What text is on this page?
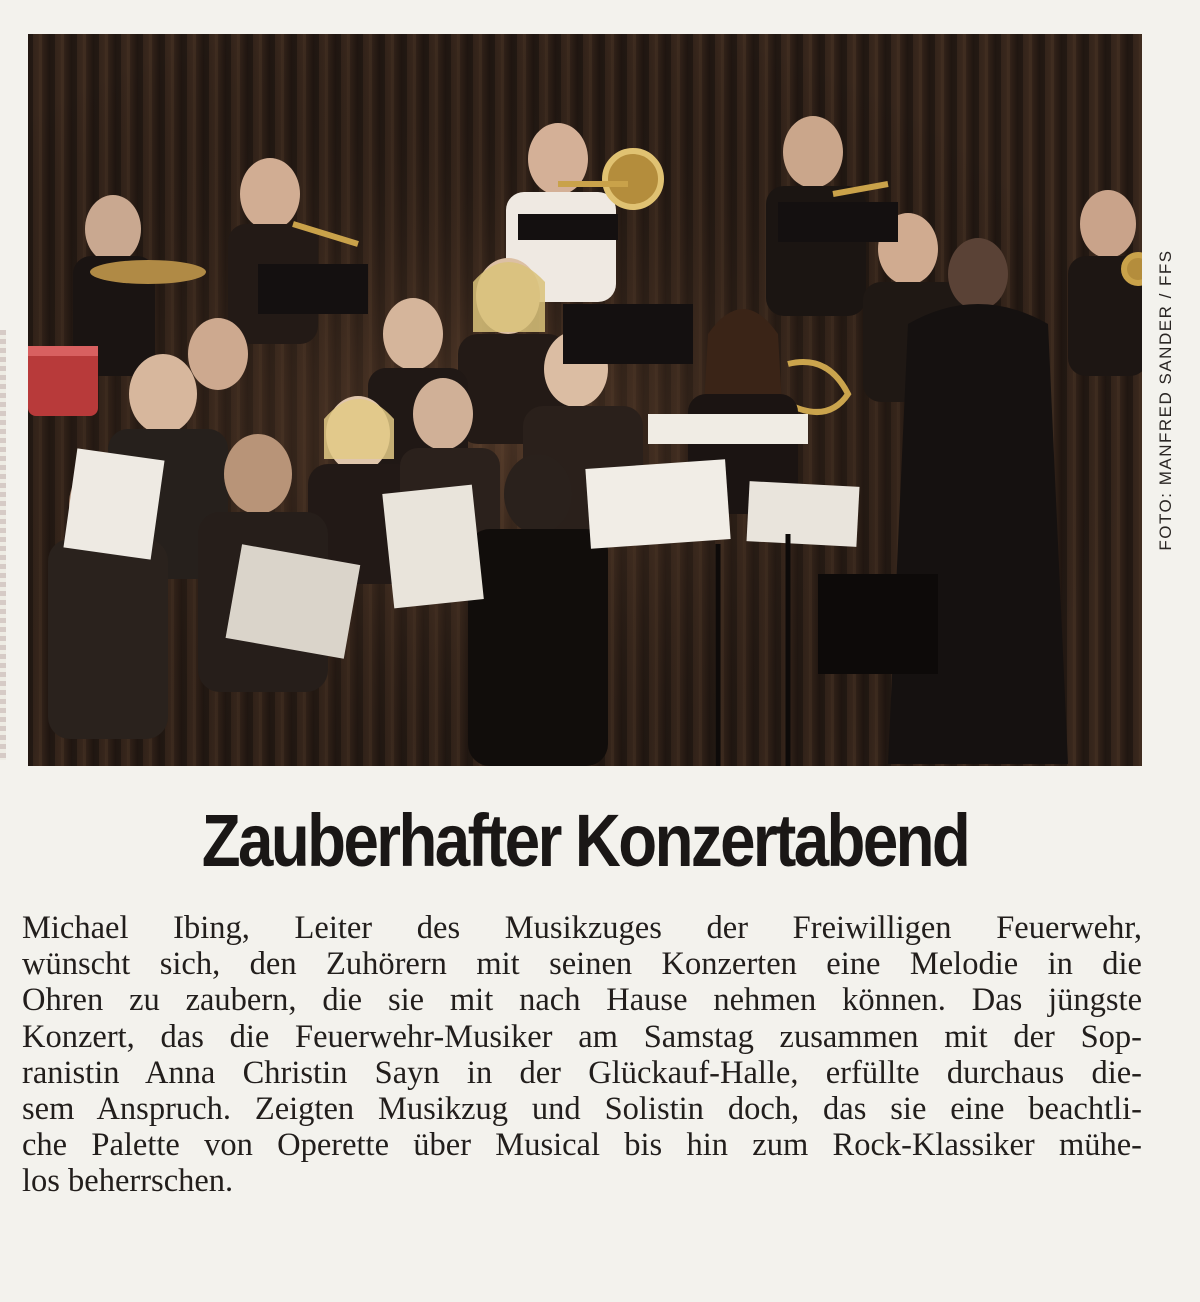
FOTO: MANFRED SANDER / FFS
Zauberhafter Konzertabend
Michael Ibing, Leiter des Musikzuges der Freiwilligen Feuerwehr,
wünscht sich, den Zuhörern mit seinen Konzerten eine Melodie in die
Ohren zu zaubern, die sie mit nach Hause nehmen können. Das jüngste
Konzert, das die Feuerwehr-Musiker am Samstag zusammen mit der Sop-
ranistin Anna Christin Sayn in der Glückauf-Halle, erfüllte durchaus die-
sem Anspruch. Zeigten Musikzug und Solistin doch, das sie eine beachtli-
che Palette von Operette über Musical bis hin zum Rock-Klassiker mühe-
los beherrschen.
